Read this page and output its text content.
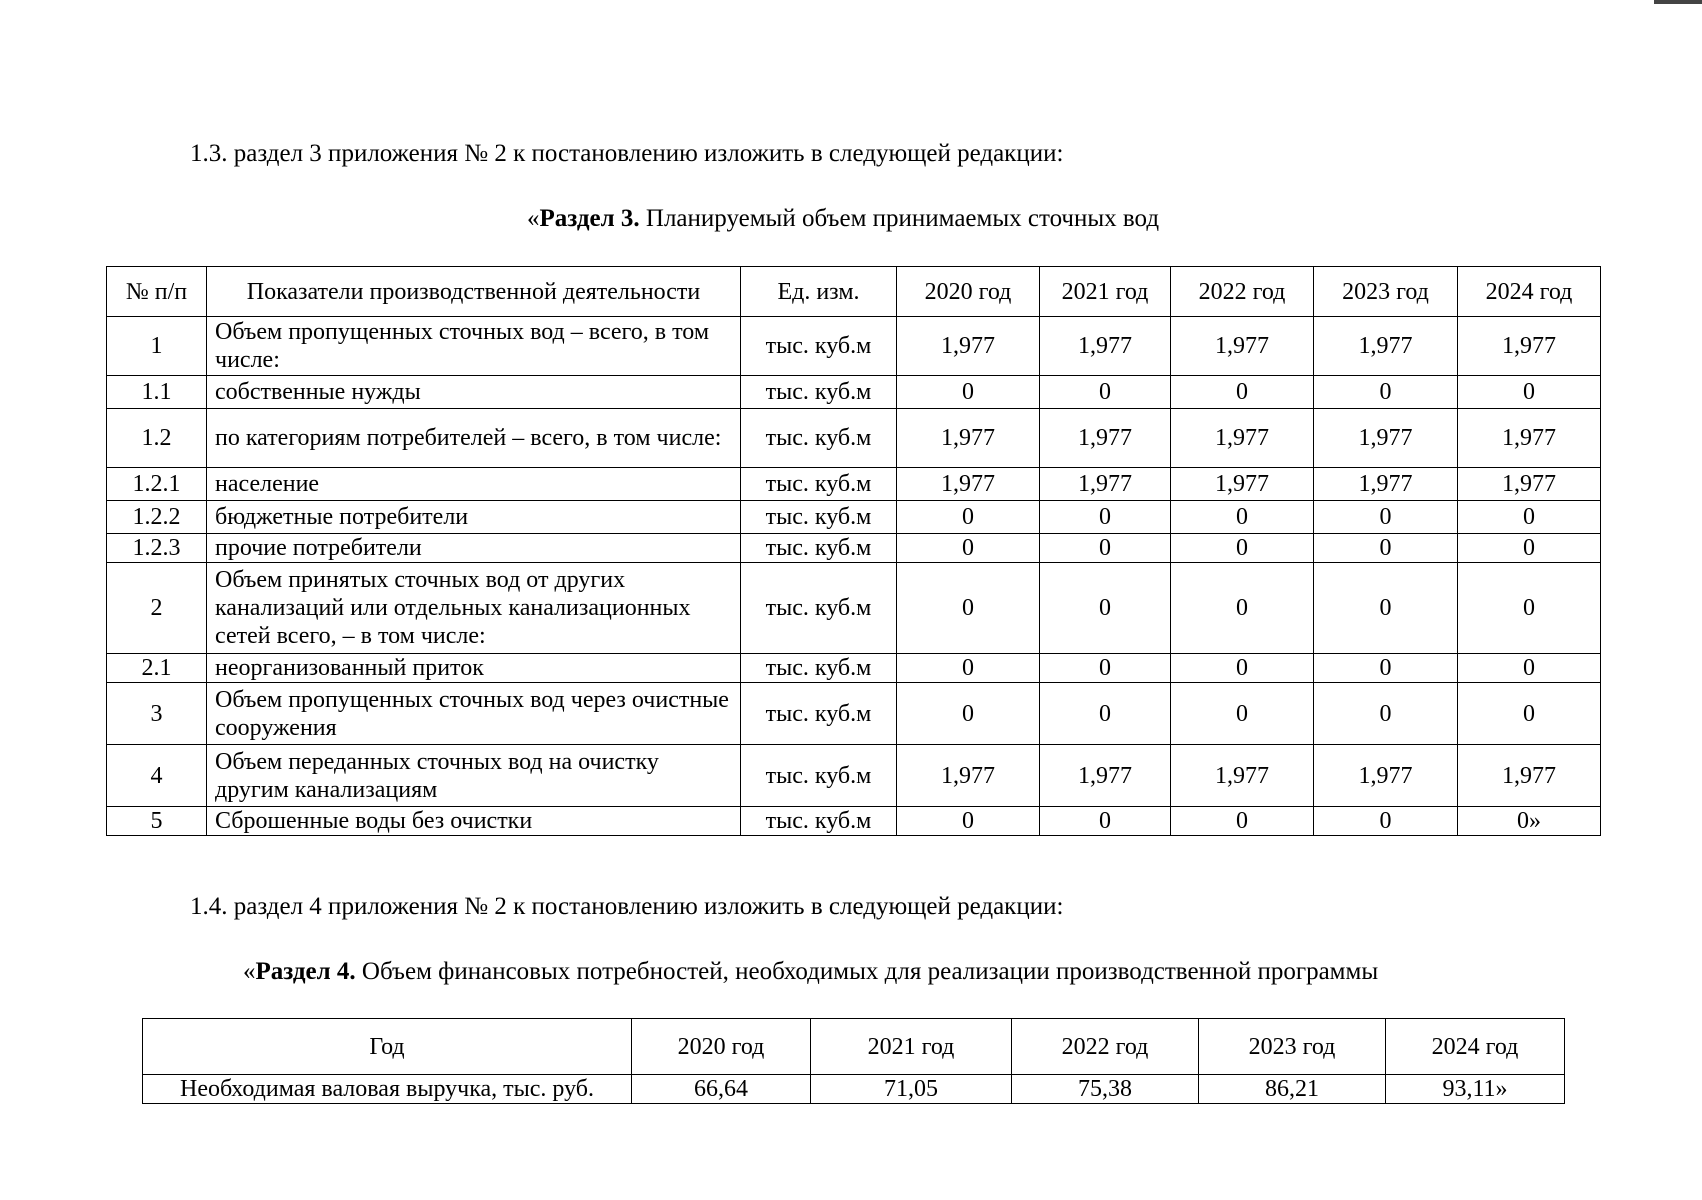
1.3. раздел 3 приложения № 2 к постановлению изложить в следующей редакции:

«Раздел 3. Планируемый объем принимаемых сточных вод

№ п/п	Показатели производственной деятельности	Ед. изм.	2020 год	2021 год	2022 год	2023 год	2024 год
1	Объем пропущенных сточных вод – всего, в том числе:	тыс. куб.м	1,977	1,977	1,977	1,977	1,977
1.1	собственные нужды	тыс. куб.м	0	0	0	0	0
1.2	по категориям потребителей – всего, в том числе:	тыс. куб.м	1,977	1,977	1,977	1,977	1,977
1.2.1	население	тыс. куб.м	1,977	1,977	1,977	1,977	1,977
1.2.2	бюджетные потребители	тыс. куб.м	0	0	0	0	0
1.2.3	прочие потребители	тыс. куб.м	0	0	0	0	0
2	Объем принятых сточных вод от других канализаций или отдельных канализационных сетей всего, – в том числе:	тыс. куб.м	0	0	0	0	0
2.1	неорганизованный приток	тыс. куб.м	0	0	0	0	0
3	Объем пропущенных сточных вод через очистные сооружения	тыс. куб.м	0	0	0	0	0
4	Объем переданных сточных вод на очистку другим канализациям	тыс. куб.м	1,977	1,977	1,977	1,977	1,977
5	Сброшенные воды без очистки	тыс. куб.м	0	0	0	0	0»

1.4. раздел 4 приложения № 2 к постановлению изложить в следующей редакции:

«Раздел 4. Объем финансовых потребностей, необходимых для реализации производственной программы

Год	2020 год	2021 год	2022 год	2023 год	2024 год
Необходимая валовая выручка, тыс. руб.	66,64	71,05	75,38	86,21	93,11»
